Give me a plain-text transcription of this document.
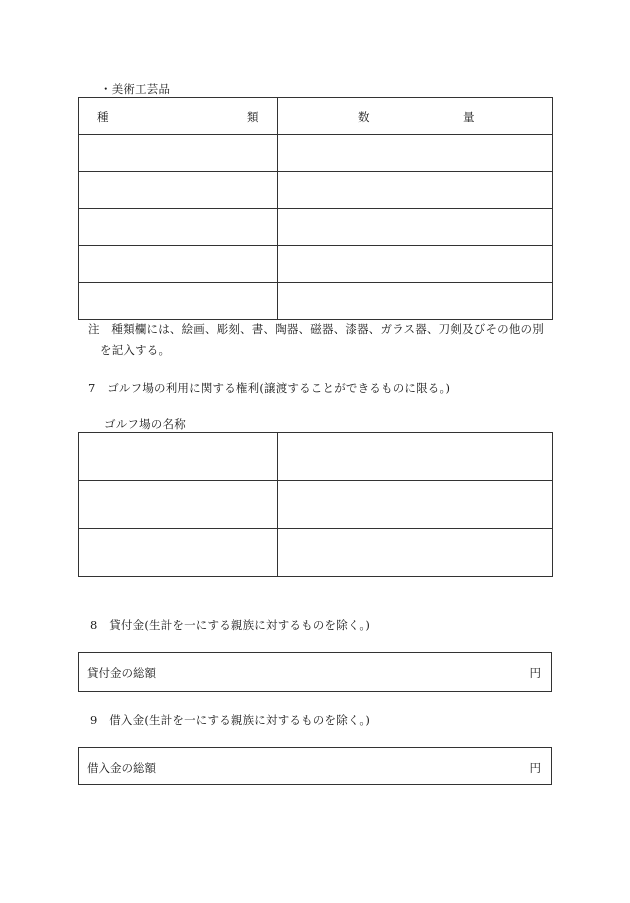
・美術工芸品
種 類	数 量

注　種類欄には、絵画、彫刻、書、陶器、磁器、漆器、ガラス器、刀剣及びその他の別
を記入する。
7　ゴルフ場の利用に関する権利(譲渡することができるものに限る。)
ゴルフ場の名称

8　貸付金(生計を一にする親族に対するものを除く。)
貸付金の総額	円
9　借入金(生計を一にする親族に対するものを除く。)
借入金の総額	円
